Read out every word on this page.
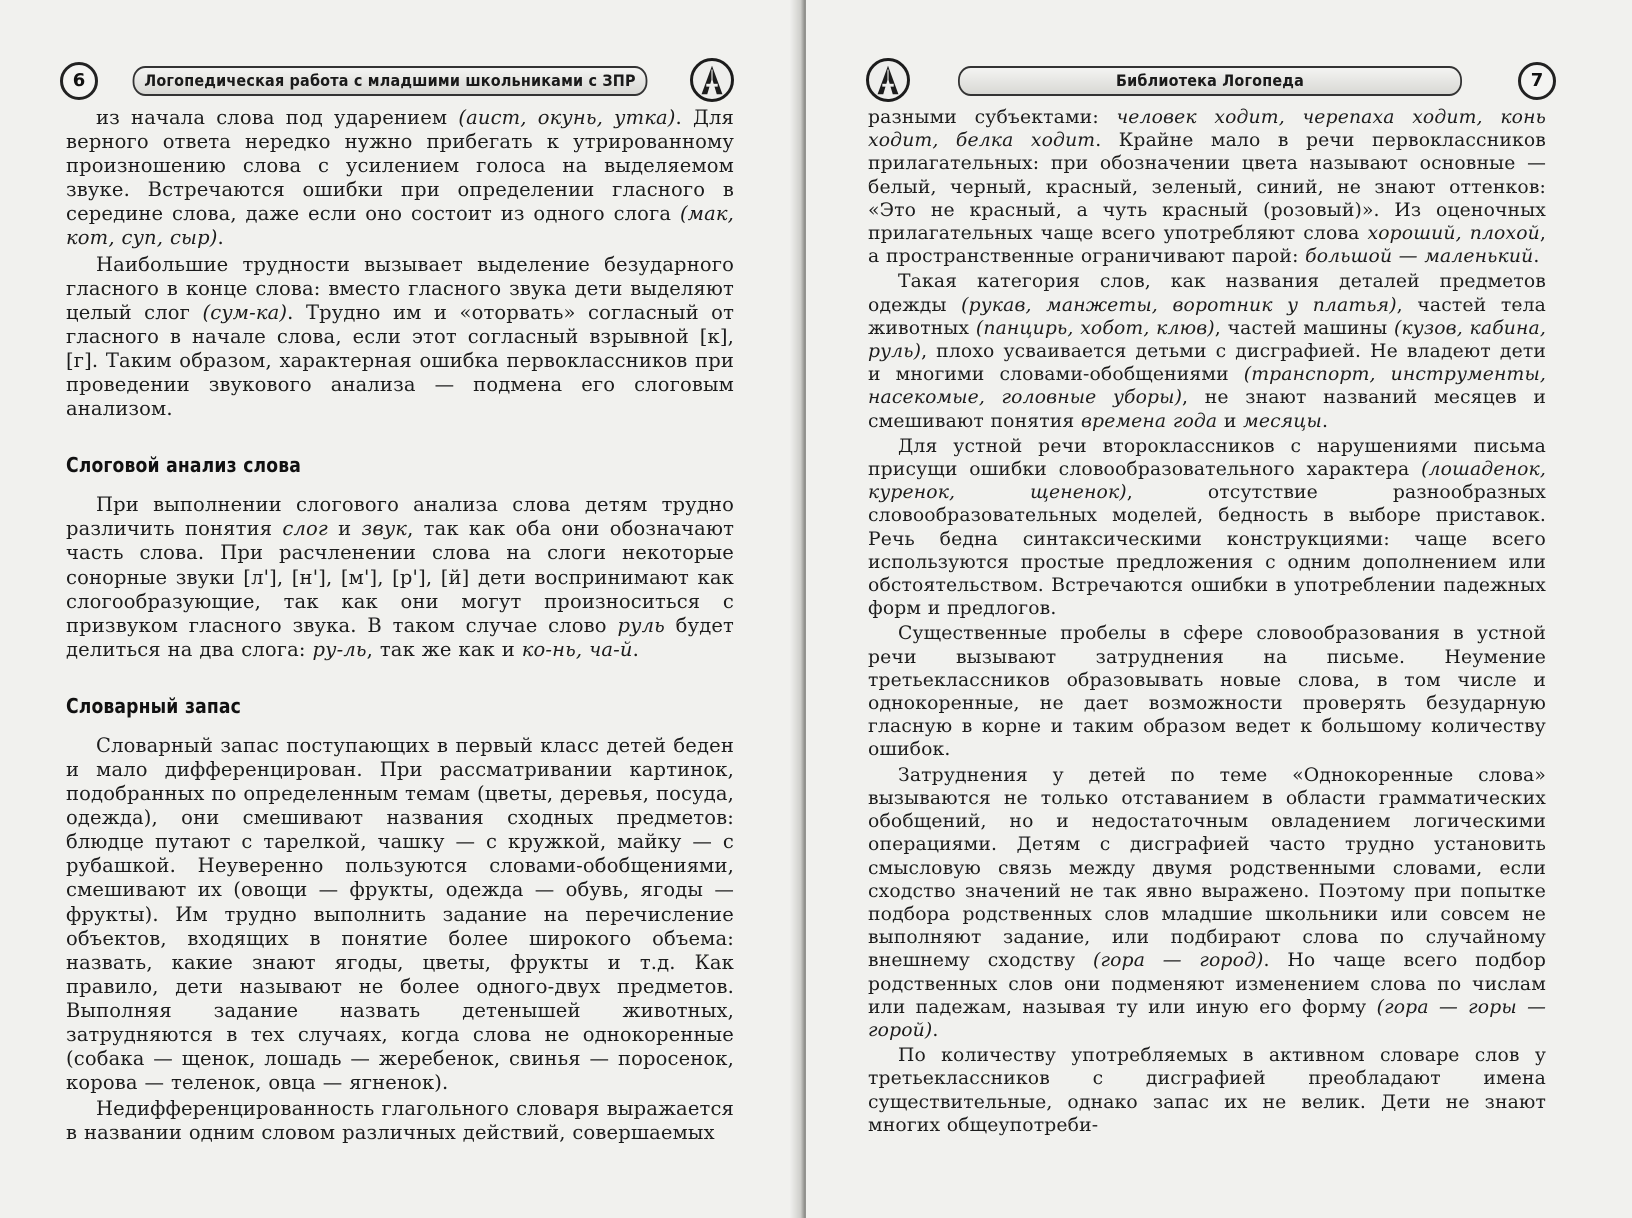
6	Логопедическая работа с младшими школьниками с ЗПР

из начала слова под ударением (аист, окунь, утка). Для верного ответа нередко нужно прибегать к утрированному произношению слова с усилением голоса на выделяемом звуке. Встречаются ошибки при определении гласного в середине слова, даже если оно состоит из одного слога (мак, кот, суп, сыр).

Наибольшие трудности вызывает выделение безударного гласного в конце слова: вместо гласного звука дети выделяют целый слог (сум-ка). Трудно им и «оторвать» согласный от гласного в начале слова, если этот согласный взрывной [к], [г]. Таким образом, характерная ошибка первоклассников при проведении звукового анализа — подмена его слоговым анализом.

Слоговой анализ слова

При выполнении слогового анализа слова детям трудно различить понятия слог и звук, так как оба они обозначают часть слова. При расчленении слова на слоги некоторые сонорные звуки [л'], [н'], [м'], [р'], [й] дети воспринимают как слогообразующие, так как они могут произноситься с призвуком гласного звука. В таком случае слово руль будет делиться на два слога: ру-ль, так же как и ко-нь, ча-й.

Словарный запас

Словарный запас поступающих в первый класс детей беден и мало дифференцирован. При рассматривании картинок, подобранных по определенным темам (цветы, деревья, посуда, одежда), они смешивают названия сходных предметов: блюдце путают с тарелкой, чашку — с кружкой, майку — с рубашкой. Неуверенно пользуются словами-обобщениями, смешивают их (овощи — фрукты, одежда — обувь, ягоды — фрукты). Им трудно выполнить задание на перечисление объектов, входящих в понятие более широкого объема: назвать, какие знают ягоды, цветы, фрукты и т.д. Как правило, дети называют не более одного-двух предметов. Выполняя задание назвать детенышей животных, затрудняются в тех случаях, когда слова не однокоренные (собака — щенок, лошадь — жеребенок, свинья — поросенок, корова — теленок, овца — ягненок).

Недифференцированность глагольного словаря выражается в названии одним словом различных действий, совершаемых

Библиотека Логопеда	7

разными субъектами: человек ходит, черепаха ходит, конь ходит, белка ходит. Крайне мало в речи первоклассников прилагательных: при обозначении цвета называют основные — белый, черный, красный, зеленый, синий, не знают оттенков: «Это не красный, а чуть красный (розовый)». Из оценочных прилагательных чаще всего употребляют слова хороший, плохой, а пространственные ограничивают парой: большой — маленький.

Такая категория слов, как названия деталей предметов одежды (рукав, манжеты, воротник у платья), частей тела животных (панцирь, хобот, клюв), частей машины (кузов, кабина, руль), плохо усваивается детьми с дисграфией. Не владеют дети и многими словами-обобщениями (транспорт, инструменты, насекомые, головные уборы), не знают названий месяцев и смешивают понятия времена года и месяцы.

Для устной речи второклассников с нарушениями письма присущи ошибки словообразовательного характера (лошаденок, куренок, щененок), отсутствие разнообразных словообразовательных моделей, бедность в выборе приставок. Речь бедна синтаксическими конструкциями: чаще всего используются простые предложения с одним дополнением или обстоятельством. Встречаются ошибки в употреблении падежных форм и предлогов.

Существенные пробелы в сфере словообразования в устной речи вызывают затруднения на письме. Неумение третьеклассников образовывать новые слова, в том числе и однокоренные, не дает возможности проверять безударную гласную в корне и таким образом ведет к большому количеству ошибок.

Затруднения у детей по теме «Однокоренные слова» вызываются не только отставанием в области грамматических обобщений, но и недостаточным овладением логическими операциями. Детям с дисграфией часто трудно установить смысловую связь между двумя родственными словами, если сходство значений не так явно выражено. Поэтому при попытке подбора родственных слов младшие школьники или совсем не выполняют задание, или подбирают слова по случайному внешнему сходству (гора — город). Но чаще всего подбор родственных слов они подменяют изменением слова по числам или падежам, называя ту или иную его форму (гора — горы — горой).

По количеству употребляемых в активном словаре слов у третьеклассников с дисграфией преобладают имена существительные, однако запас их не велик. Дети не знают многих общеупотреби-
